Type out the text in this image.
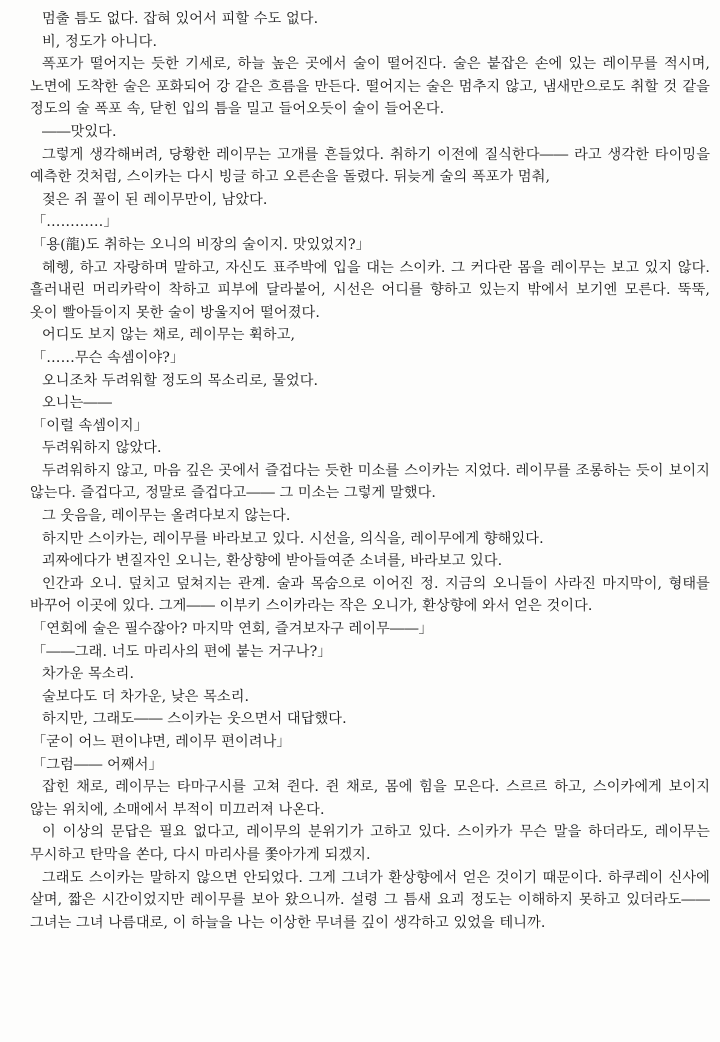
멈출 틈도 없다. 잡혀 있어서 피할 수도 없다.

비, 정도가 아니다.

폭포가 떨어지는 듯한 기세로, 하늘 높은 곳에서 술이 떨어진다. 술은 붙잡은 손에 있는 레이무를 적시며, 노면에 도착한 술은 포화되어 강 같은 흐름을 만든다. 떨어지는 술은 멈추지 않고, 냄새만으로도 취할 것 같을 정도의 술 폭포 속, 닫힌 입의 틈을 밀고 들어오듯이 술이 들어온다.

――맛있다.

그렇게 생각해버려, 당황한 레이무는 고개를 흔들었다. 취하기 이전에 질식한다―― 라고 생각한 타이밍을 예측한 것처럼, 스이카는 다시 빙글 하고 오른손을 돌렸다. 뒤늦게 술의 폭포가 멈춰,

젖은 쥐 꼴이 된 레이무만이, 남았다.

「…………」

「용(龍)도 취하는 오니의 비장의 술이지. 맛있었지?」

헤헹, 하고 자랑하며 말하고, 자신도 표주박에 입을 대는 스이카. 그 커다란 몸을 레이무는 보고 있지 않다. 흘러내린 머리카락이 착하고 피부에 달라붙어, 시선은 어디를 향하고 있는지 밖에서 보기엔 모른다. 뚝뚝, 옷이 빨아들이지 못한 술이 방울지어 떨어졌다.

어디도 보지 않는 채로, 레이무는 휙하고,

「……무슨 속셈이야?」

오니조차 두려워할 정도의 목소리로, 물었다.

오니는――

「이럴 속셈이지」

두려워하지 않았다.

두려워하지 않고, 마음 깊은 곳에서 즐겁다는 듯한 미소를 스이카는 지었다. 레이무를 조롱하는 듯이 보이지 않는다. 즐겁다고, 정말로 즐겁다고―― 그 미소는 그렇게 말했다.

그 웃음을, 레이무는 올려다보지 않는다.

하지만 스이카는, 레이무를 바라보고 있다. 시선을, 의식을, 레이무에게 향해있다.

괴짜에다가 변질자인 오니는, 환상향에 받아들여준 소녀를, 바라보고 있다.

인간과 오니. 덮치고 덮쳐지는 관계. 술과 목숨으로 이어진 정. 지금의 오니들이 사라진 마지막이, 형태를 바꾸어 이곳에 있다. 그게―― 이부키 스이카라는 작은 오니가, 환상향에 와서 얻은 것이다.

「연회에 술은 필수잖아? 마지막 연회, 즐겨보자구 레이무――」

「――그래. 너도 마리사의 편에 붙는 거구나?」

차가운 목소리.

술보다도 더 차가운, 낮은 목소리.

하지만, 그래도―― 스이카는 웃으면서 대답했다.

「굳이 어느 편이냐면, 레이무 편이려나」

「그럼―― 어째서」

잡힌 채로, 레이무는 타마구시를 고쳐 쥔다. 쥔 채로, 몸에 힘을 모은다. 스르르 하고, 스이카에게 보이지 않는 위치에, 소매에서 부적이 미끄러져 나온다.

이 이상의 문답은 필요 없다고, 레이무의 분위기가 고하고 있다. 스이카가 무슨 말을 하더라도, 레이무는 무시하고 탄막을 쏜다, 다시 마리사를 쫓아가게 되겠지.

그래도 스이카는 말하지 않으면 안되었다. 그게 그녀가 환상향에서 얻은 것이기 때문이다. 하쿠레이 신사에 살며, 짧은 시간이었지만 레이무를 보아 왔으니까. 설령 그 틈새 요괴 정도는 이해하지 못하고 있더라도―― 그녀는 그녀 나름대로, 이 하늘을 나는 이상한 무녀를 깊이 생각하고 있었을 테니까.
